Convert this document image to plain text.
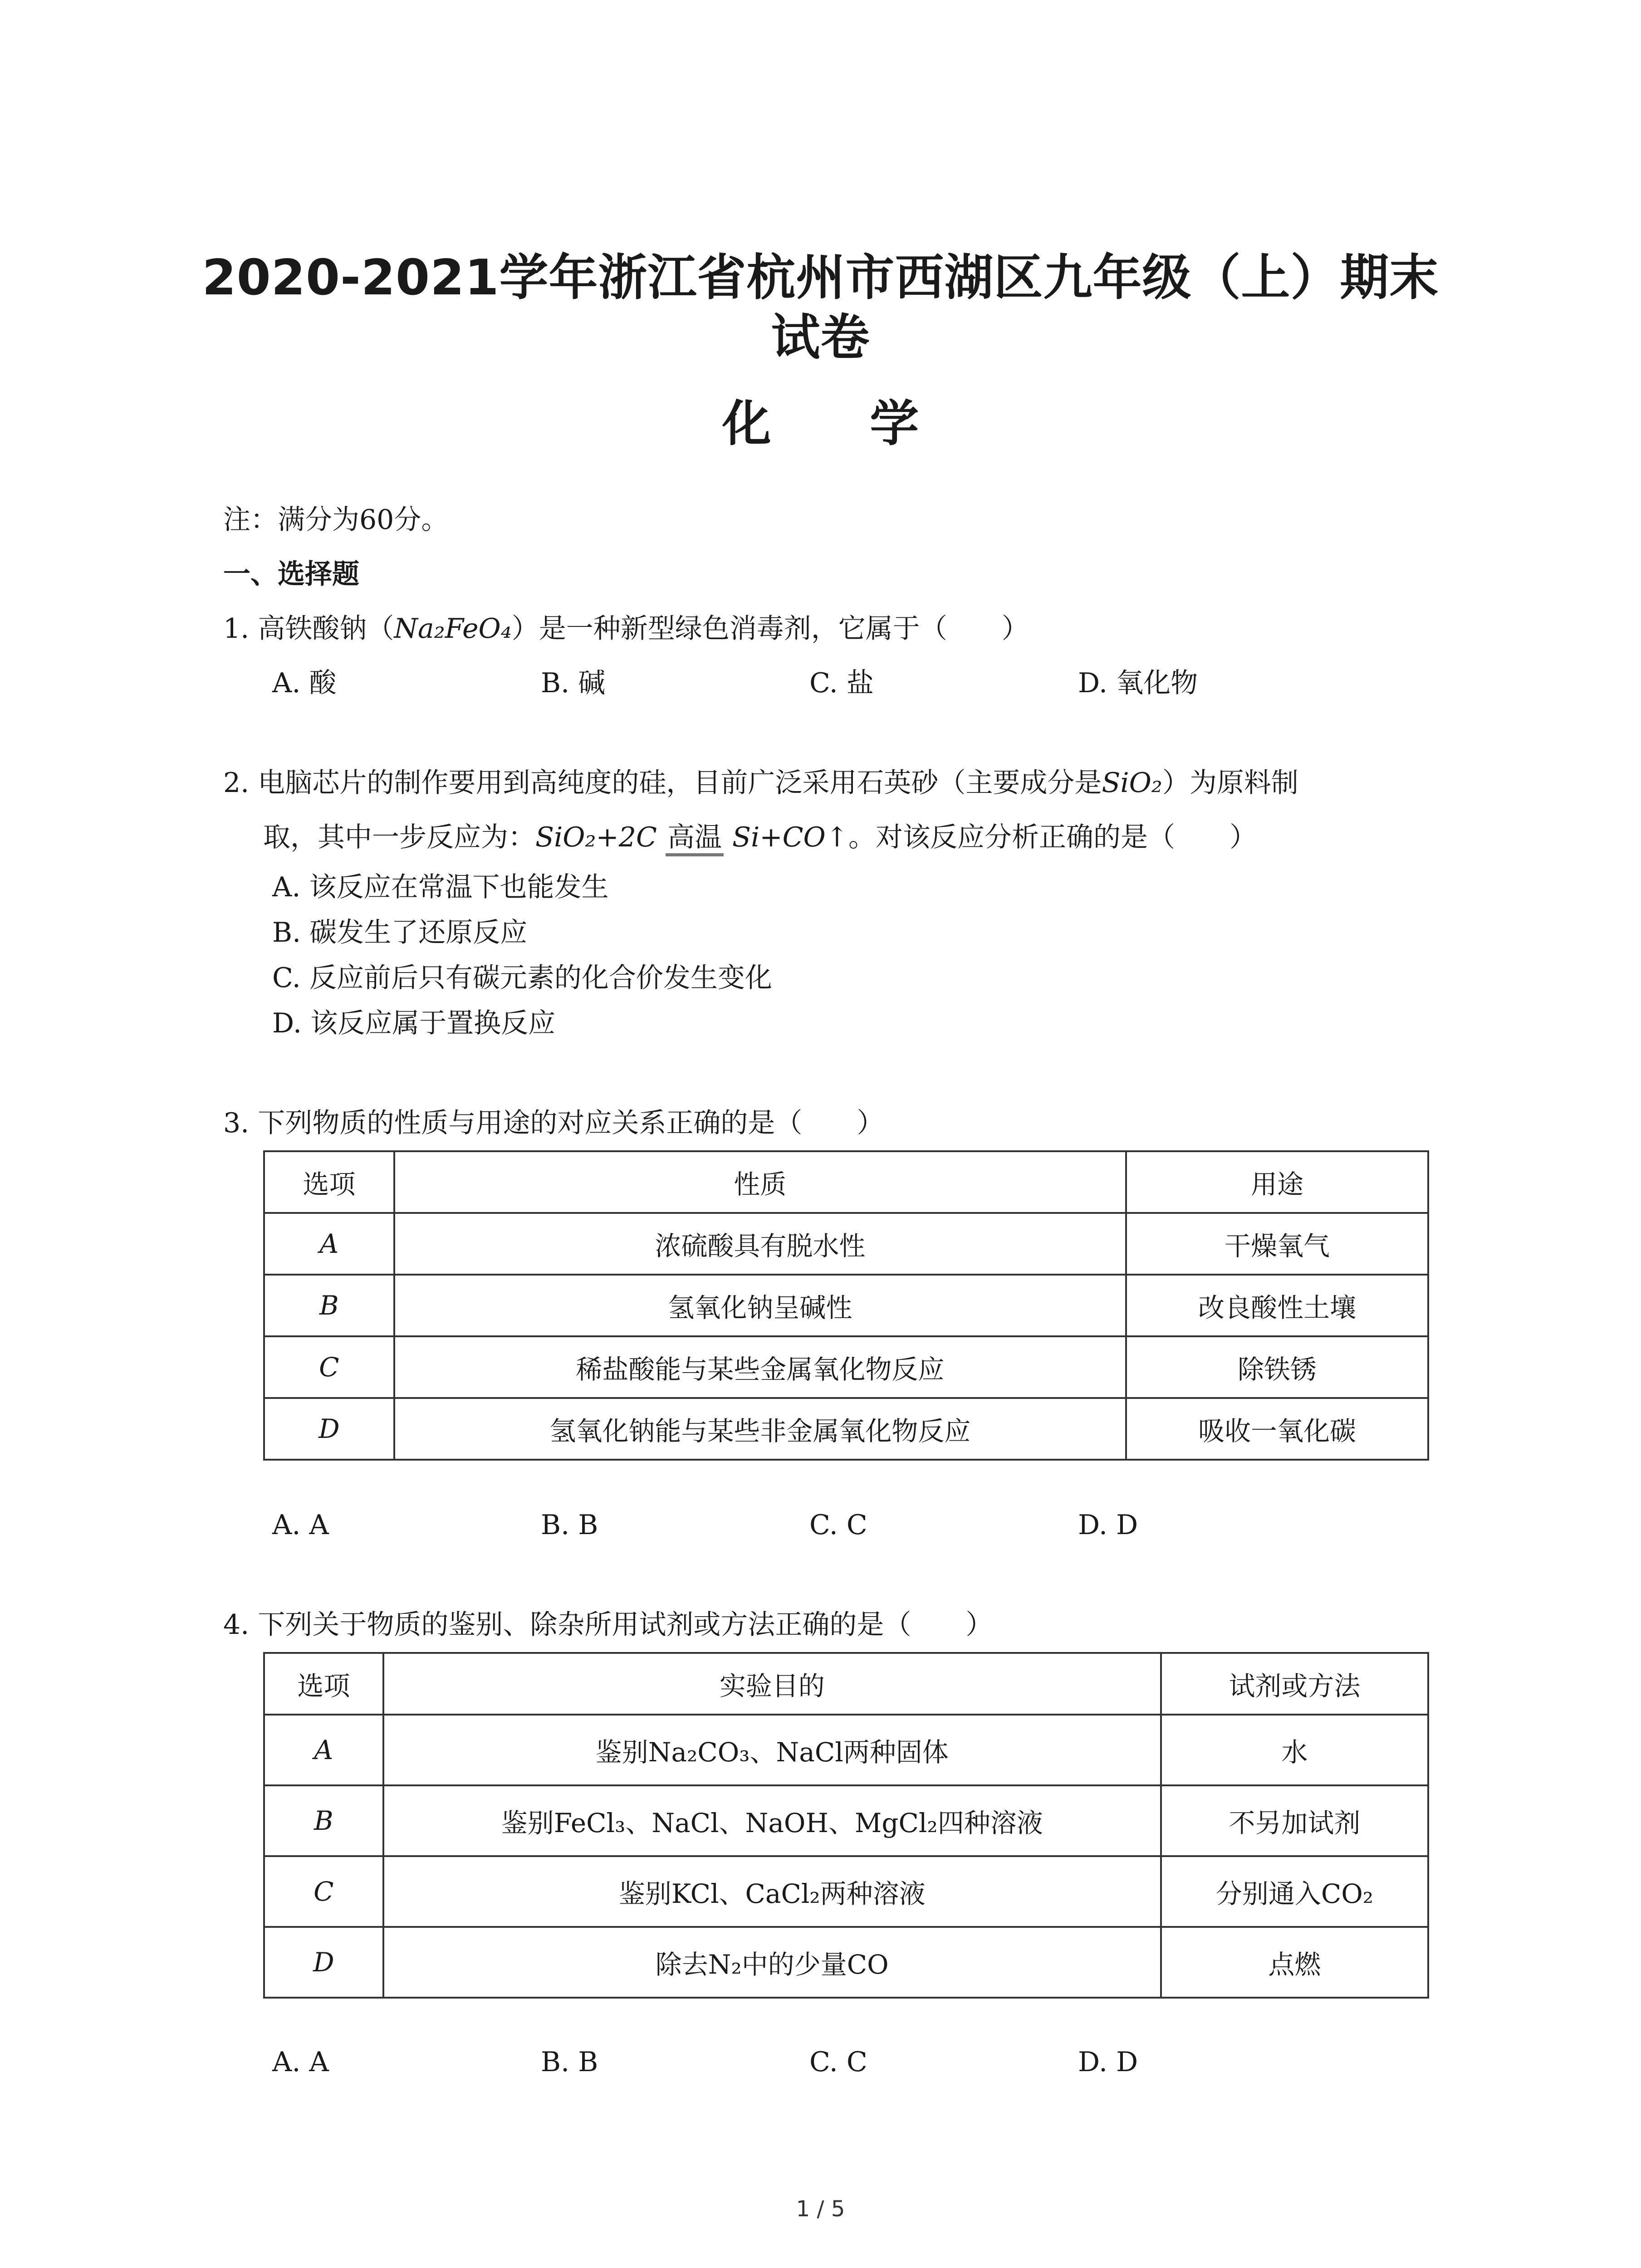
2020-2021学年浙江省杭州市西湖区九年级（上）期末
试卷
化 学
注：满分为60分。
一、选择题
1. 高铁酸钠（Na₂FeO₄）是一种新型绿色消毒剂，它属于（　　）
A. 酸	B. 碱	C. 盐	D. 氧化物
2. 电脑芯片的制作要用到高纯度的硅，目前广泛采用石英砂（主要成分是SiO₂）为原料制
取，其中一步反应为：SiO₂+2C 高温 Si+CO↑。对该反应分析正确的是（　　）
A. 该反应在常温下也能发生
B. 碳发生了还原反应
C. 反应前后只有碳元素的化合价发生变化
D. 该反应属于置换反应
3. 下列物质的性质与用途的对应关系正确的是（　　）
选项	性质	用途
A	浓硫酸具有脱水性	干燥氧气
B	氢氧化钠呈碱性	改良酸性土壤
C	稀盐酸能与某些金属氧化物反应	除铁锈
D	氢氧化钠能与某些非金属氧化物反应	吸收一氧化碳
A. A	B. B	C. C	D. D
4. 下列关于物质的鉴别、除杂所用试剂或方法正确的是（　　）
选项	实验目的	试剂或方法
A	鉴别Na₂CO₃、NaCl两种固体	水
B	鉴别FeCl₃、NaCl、NaOH、MgCl₂四种溶液	不另加试剂
C	鉴别KCl、CaCl₂两种溶液	分别通入CO₂
D	除去N₂中的少量CO	点燃
A. A	B. B	C. C	D. D
1 / 5
